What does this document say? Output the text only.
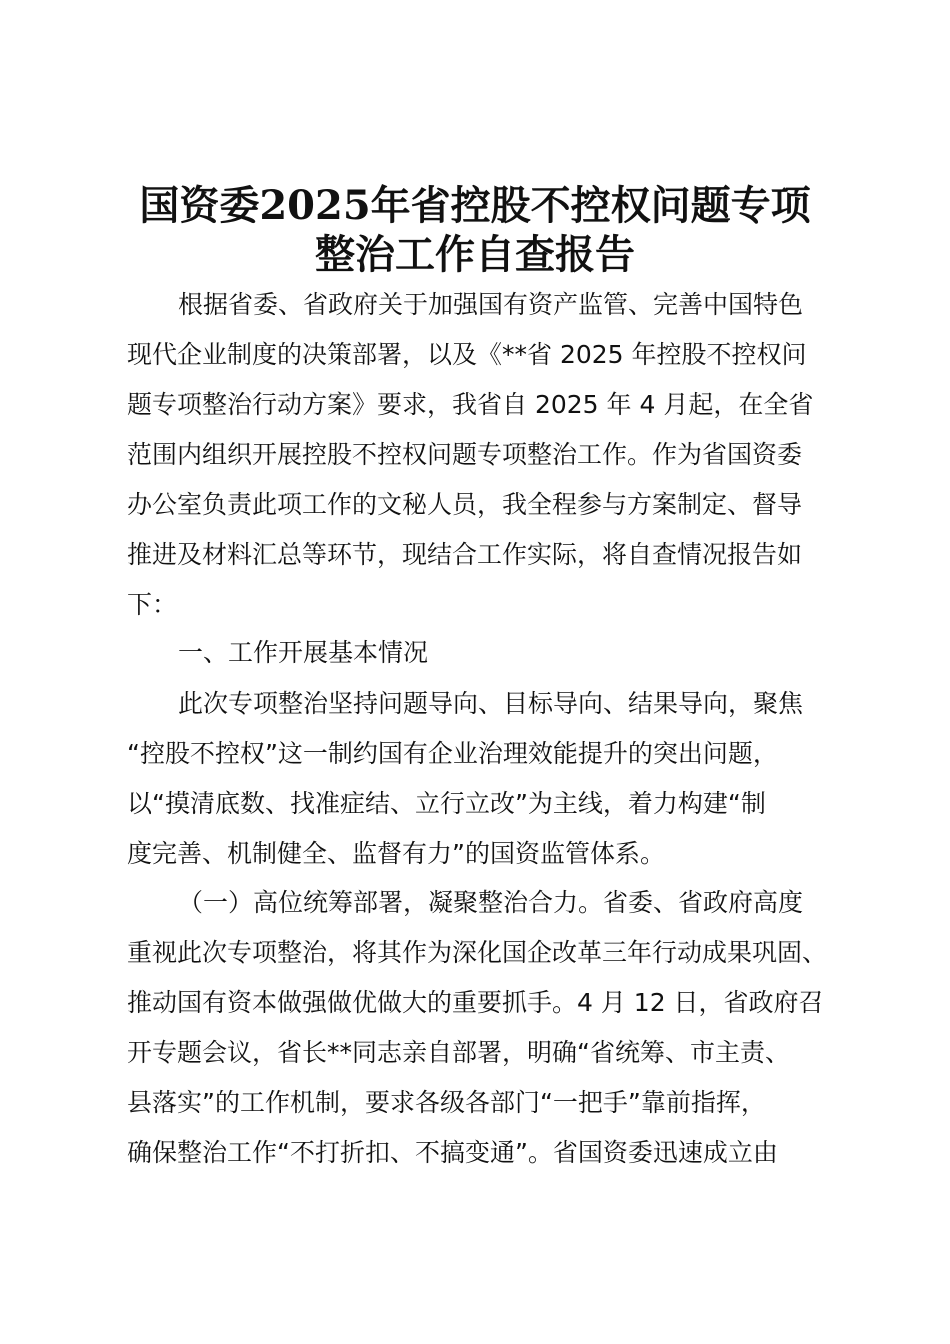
国资委2025年省控股不控权问题专项
整治工作自查报告

根据省委、省政府关于加强国有资产监管、完善中国特色

现代企业制度的决策部署，以及《**省 2025 年控股不控权问

题专项整治行动方案》要求，我省自 2025 年 4 月起，在全省

范围内组织开展控股不控权问题专项整治工作。作为省国资委

办公室负责此项工作的文秘人员，我全程参与方案制定、督导

推进及材料汇总等环节，现结合工作实际，将自查情况报告如

下：

一、工作开展基本情况

此次专项整治坚持问题导向、目标导向、结果导向，聚焦

“控股不控权”这一制约国有企业治理效能提升的突出问题，

以“摸清底数、找准症结、立行立改”为主线，着力构建“制

度完善、机制健全、监督有力”的国资监管体系。

（一）高位统筹部署，凝聚整治合力。省委、省政府高度

重视此次专项整治，将其作为深化国企改革三年行动成果巩固、

推动国有资本做强做优做大的重要抓手。4 月 12 日，省政府召

开专题会议，省长**同志亲自部署，明确“省统筹、市主责、

县落实”的工作机制，要求各级各部门“一把手”靠前指挥，

确保整治工作“不打折扣、不搞变通”。省国资委迅速成立由
